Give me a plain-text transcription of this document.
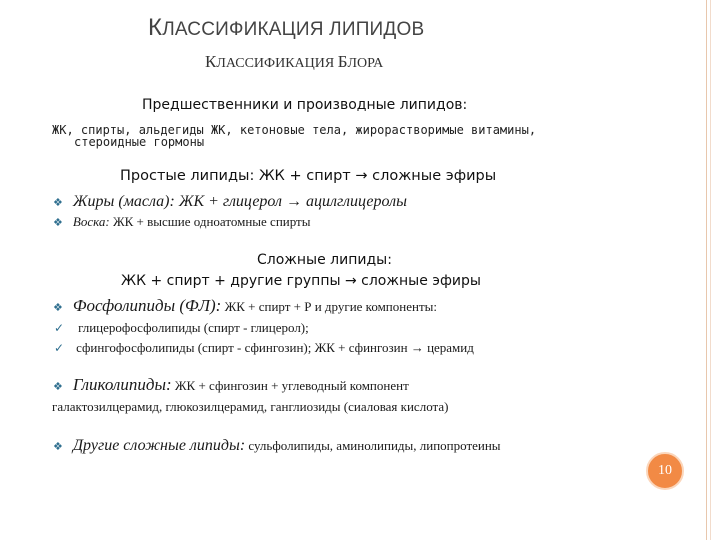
КЛАССИФИКАЦИЯ ЛИПИДОВ
КЛАССИФИКАЦИЯ БЛОРА
Предшественники и производные липидов:
ЖК, спирты, альдегиды ЖК, кетоновые тела, жирорастворимые витамины,
стероидные гормоны
Простые липиды: ЖК + спирт → сложные эфиры
❖ Жиры (масла): ЖК + глицерол → ацилглицеролы
❖ Воска: ЖК + высшие одноатомные спирты
Сложные липиды:
ЖК + спирт + другие группы → сложные эфиры
❖ Фосфолипиды (ФЛ): ЖК + спирт + Р и другие компоненты:
✓ глицерофосфолипиды (спирт - глицерол);
✓ сфингофосфолипиды (спирт - сфингозин); ЖК + сфингозин → церамид
❖ Гликолипиды: ЖК + сфингозин + углеводный компонент
галактозилцерамид, глюкозилцерамид, ганглиозиды (сиаловая кислота)
❖ Другие сложные липиды: сульфолипиды, аминолипиды, липопротеины
10
